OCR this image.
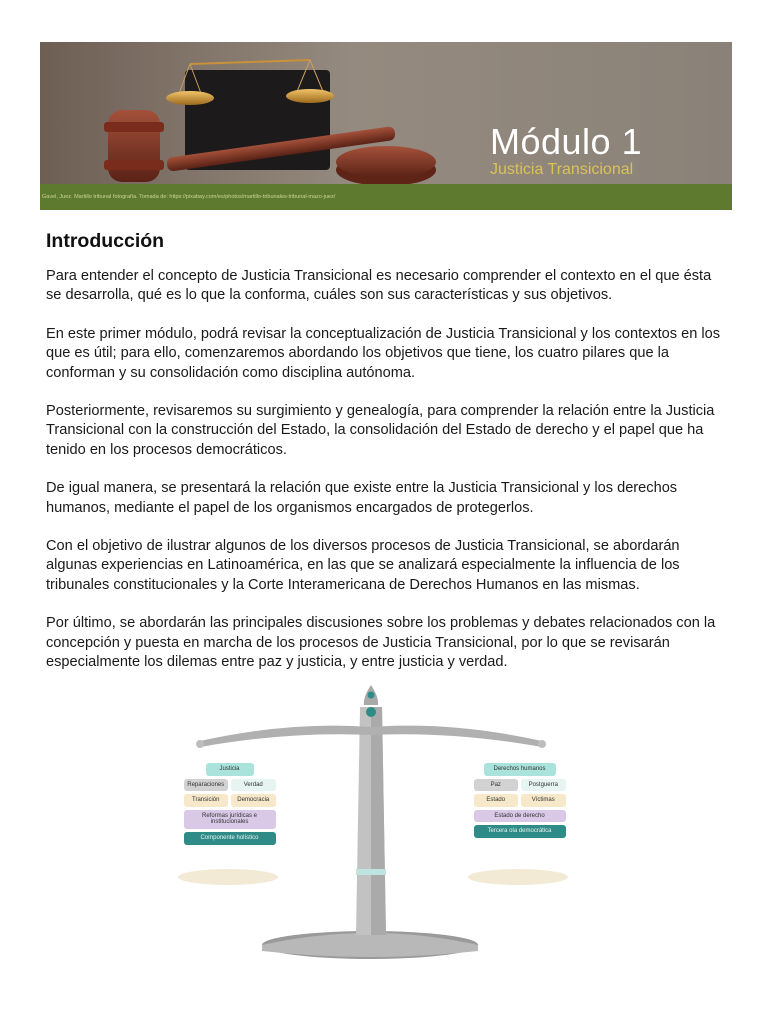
Módulo 1
Justicia Transicional
Gavel, Juez. Martillo tribunal fotografía. Tomada de: https://pixabay.com/es/photos/martillo-tribunales-tribunal-mazo-juez/
Introducción

Para entender el concepto de Justicia Transicional es necesario comprender el contexto en el que ésta se desarrolla, qué es lo que la conforma, cuáles son sus características y sus objetivos.

En este primer módulo, podrá revisar la conceptualización de Justicia Transicional y los contextos en los que es útil; para ello, comenzaremos abordando los objetivos que tiene, los cuatro pilares que la conforman y su consolidación como disciplina autónoma.

Posteriormente, revisaremos su surgimiento y genealogía, para comprender la relación entre la Justicia Transicional con la construcción del Estado, la consolidación del Estado de derecho y el papel que ha tenido en los procesos democráticos.

De igual manera, se presentará la relación que existe entre la Justicia Transicional y los derechos humanos, mediante el papel de los organismos encargados de protegerlos.

Con el objetivo de ilustrar algunos de los diversos procesos de Justicia Transicional, se abordarán algunas experiencias en Latinoamérica, en las que se analizará especialmente la influencia de los tribunales constitucionales y la Corte Interamericana de Derechos Humanos en las mismas.

Por último, se abordarán las principales discusiones sobre los problemas y debates relacionados con la concepción y puesta en marcha de los procesos de Justicia Transicional, por lo que se revisarán especialmente los dilemas entre paz y justicia, y entre justicia y verdad.

Justicia
Reparaciones	Verdad
Transición	Democracia
Reformas jurídicas e institucionales
Componente holístico
Derechos humanos
Paz	Postguerra
Estado	Víctimas
Estado de derecho
Tercera ola democrática
